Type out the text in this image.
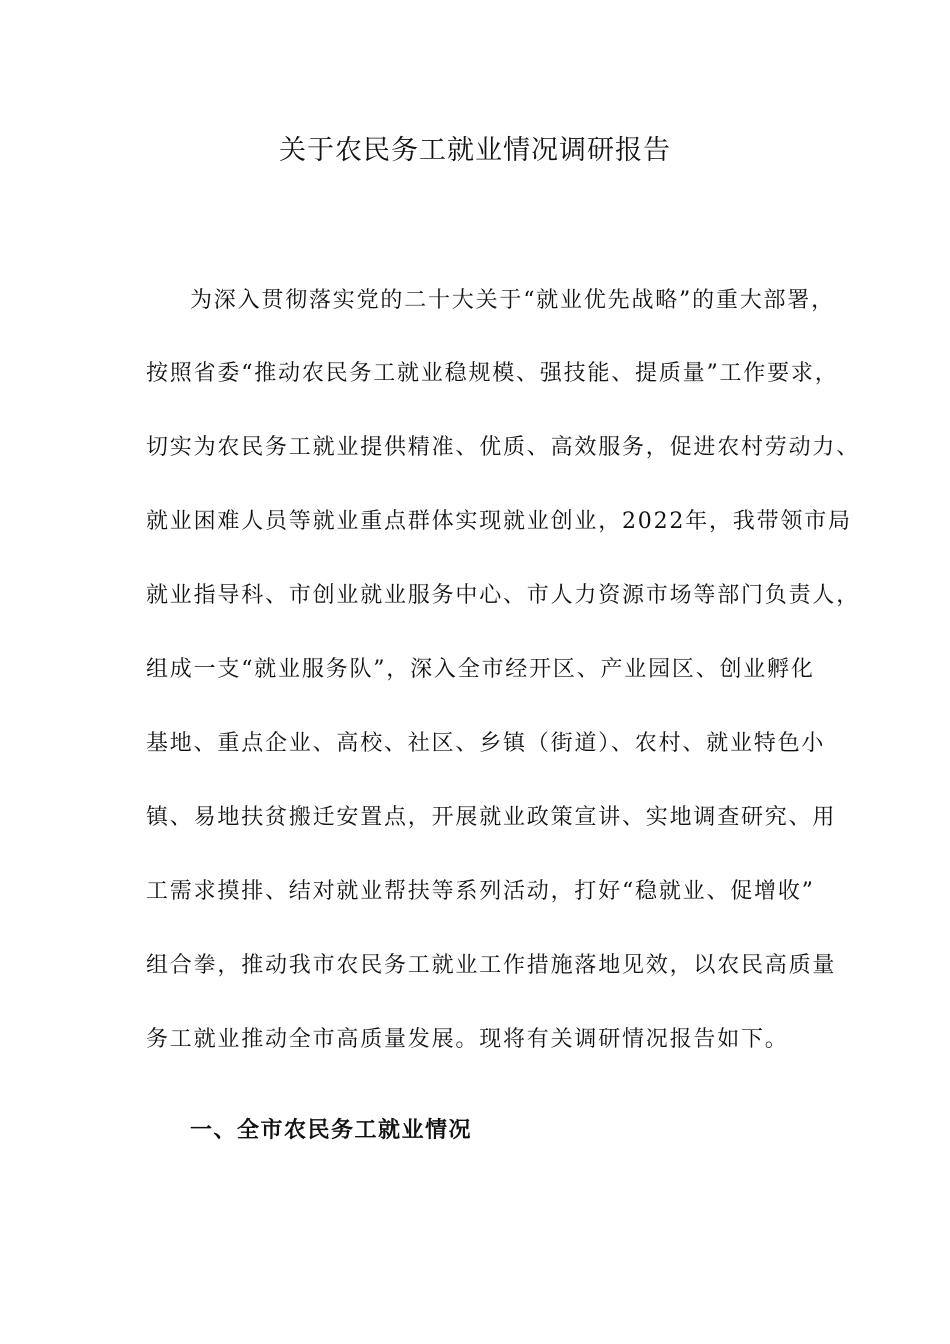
关于农民务工就业情况调研报告

为深入贯彻落实党的二十大关于“就业优先战略”的重大部署，

按照省委“推动农民务工就业稳规模、强技能、提质量”工作要求，

切实为农民务工就业提供精准、优质、高效服务，促进农村劳动力、

就业困难人员等就业重点群体实现就业创业，2022年，我带领市局

就业指导科、市创业就业服务中心、市人力资源市场等部门负责人，

组成一支“就业服务队”，深入全市经开区、产业园区、创业孵化

基地、重点企业、高校、社区、乡镇（街道）、农村、就业特色小

镇、易地扶贫搬迁安置点，开展就业政策宣讲、实地调查研究、用

工需求摸排、结对就业帮扶等系列活动，打好“稳就业、促增收”

组合拳，推动我市农民务工就业工作措施落地见效，以农民高质量

务工就业推动全市高质量发展。现将有关调研情况报告如下。

一、全市农民务工就业情况
